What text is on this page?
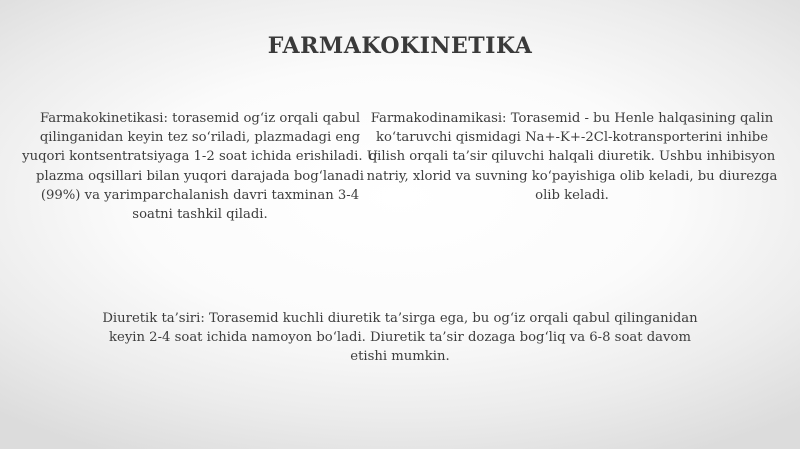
FARMAKOKINETIKA

Farmakokinetikasi: torasemid og‘iz orqali qabul qilinganidan keyin tez so‘riladi, plazmadagi eng yuqori kontsentratsiyaga 1-2 soat ichida erishiladi. U plazma oqsillari bilan yuqori darajada bog‘lanadi (99%) va yarimparchalanish davri taxminan 3-4 soatni tashkil qiladi.

Farmakodinamikasi: Torasemid - bu Henle halqasining qalin ko‘taruvchi qismidagi Na+-K+-2Cl-kotransporterini inhibe qilish orqali ta’sir qiluvchi halqali diuretik. Ushbu inhibisyon natriy, xlorid va suvning ko‘payishiga olib keladi, bu diurezga olib keladi.

Diuretik ta’siri: Torasemid kuchli diuretik ta’sirga ega, bu og‘iz orqali qabul qilinganidan keyin 2-4 soat ichida namoyon bo‘ladi. Diuretik ta’sir dozaga bog‘liq va 6-8 soat davom etishi mumkin.
